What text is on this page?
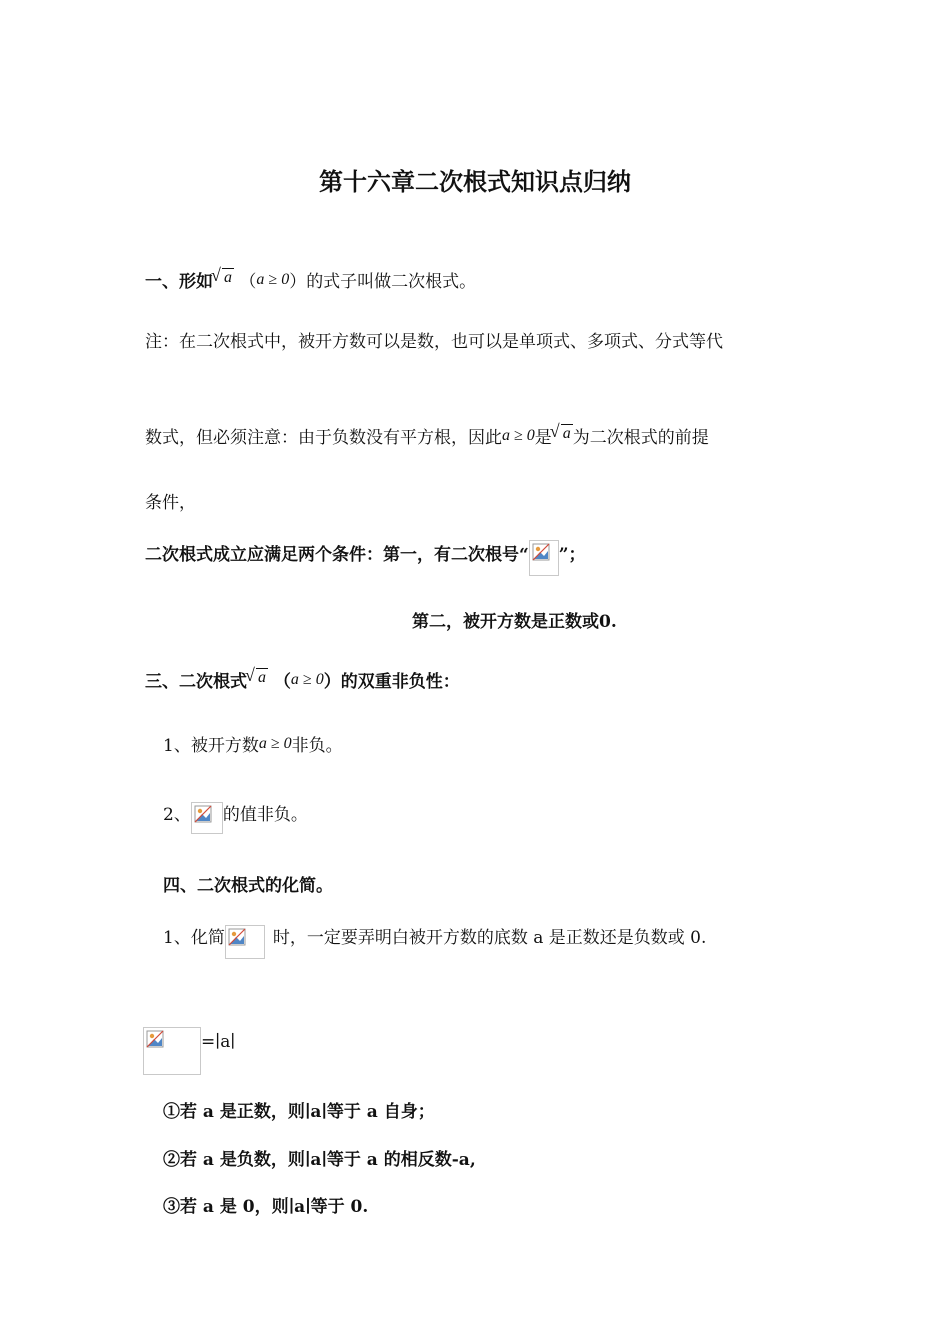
第十六章二次根式知识点归纳
一、形如 √ a （a ≥ 0）的式子叫做二次根式。
注：在二次根式中，被开方数可以是数，也可以是单项式、多项式、分式等代
数式，但必须注意：由于负数没有平方根，因此a ≥ 0是 √ a 为二次根式的前提
条件，
二次根式成立应满足两个条件：第一，有二次根号“ ”；
第二，被开方数是正数或0.
三、二次根式 √ a （a ≥ 0）的双重非负性：
1、被开方数a ≥ 0非负。
2、 的值非负。
四、二次根式的化简。
1、化简	时，一定要弄明白被开方数的底数 a 是正数还是负数或 0.
=∣a∣
①若 a 是正数，则∣a∣等于 a 自身；
②若 a 是负数，则∣a∣等于 a 的相反数-a,
③若 a 是 0，则∣a∣等于 0.
